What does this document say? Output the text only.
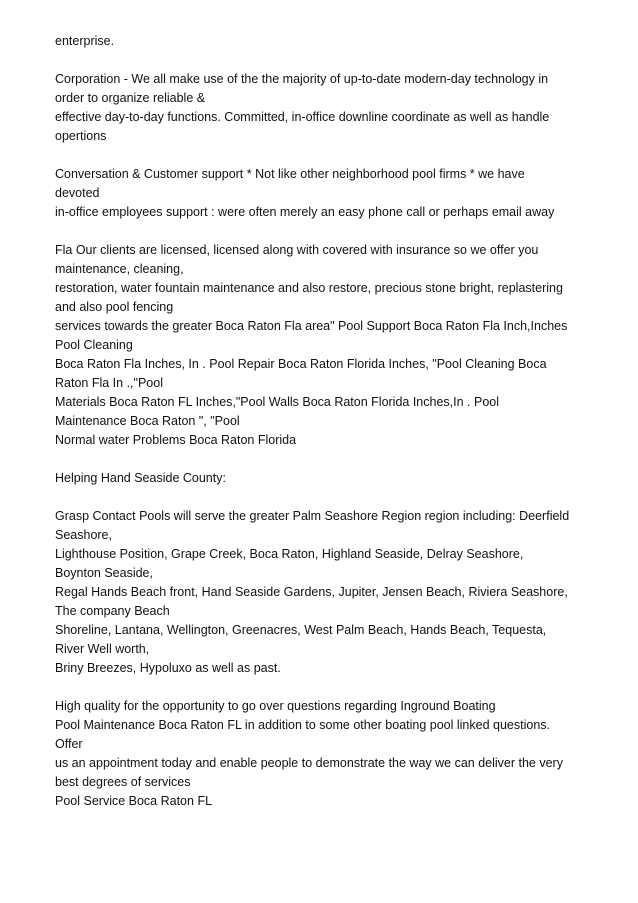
enterprise.
Corporation - We all make use of the the majority of up-to-date modern-day technology in
order to organize reliable &
effective day-to-day functions. Committed, in-office downline coordinate as well as handle
opertions
Conversation & Customer support * Not like other neighborhood pool firms * we have
devoted
in-office employees support : were often merely an easy phone call or perhaps email away
Fla Our clients are licensed, licensed along with covered with insurance so we offer you
maintenance, cleaning,
restoration, water fountain maintenance and also restore, precious stone bright, replastering
and also pool fencing
services towards the greater Boca Raton Fla area" Pool Support Boca Raton Fla Inch,Inches
Pool Cleaning
Boca Raton Fla Inches, In . Pool Repair Boca Raton Florida Inches, "Pool Cleaning Boca
Raton Fla In .,"Pool
Materials Boca Raton FL Inches,"Pool Walls Boca Raton Florida Inches,In . Pool
Maintenance Boca Raton ", "Pool
Normal water Problems Boca Raton Florida
Helping Hand Seaside County:
Grasp Contact Pools will serve the greater Palm Seashore Region region including: Deerfield
Seashore,
Lighthouse Position, Grape Creek, Boca Raton, Highland Seaside, Delray Seashore,
Boynton Seaside,
Regal Hands Beach front, Hand Seaside Gardens, Jupiter, Jensen Beach, Riviera Seashore,
The company Beach
Shoreline, Lantana, Wellington, Greenacres, West Palm Beach, Hands Beach, Tequesta,
River Well worth,
Briny Breezes, Hypoluxo as well as past.
High quality for the opportunity to go over questions regarding Inground Boating
Pool Maintenance Boca Raton FL in addition to some other boating pool linked questions.
Offer
us an appointment today and enable people to demonstrate the way we can deliver the very
best degrees of services
Pool Service Boca Raton FL
